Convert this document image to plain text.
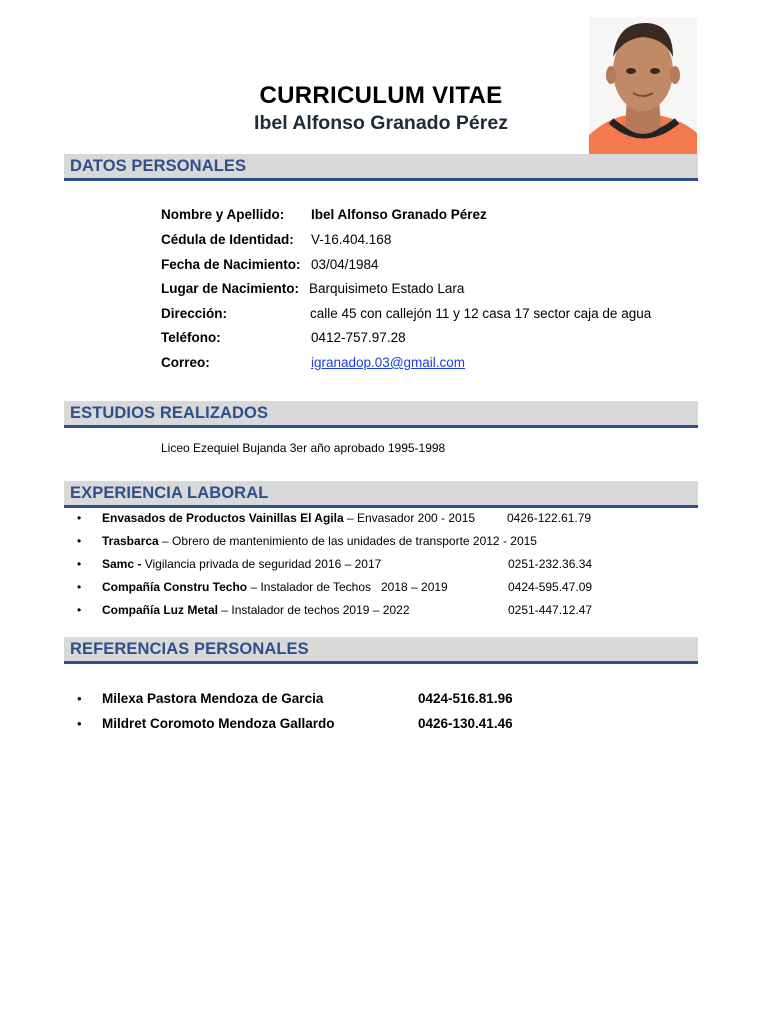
CURRICULUM VITAE
Ibel Alfonso Granado Pérez
DATOS PERSONALES
Nombre y Apellido: Ibel Alfonso Granado Pérez
Cédula de Identidad: V-16.404.168
Fecha de Nacimiento: 03/04/1984
Lugar de Nacimiento: Barquisimeto Estado Lara
Dirección:	calle 45 con callejón 11 y 12 casa 17 sector caja de agua
Teléfono:	0412-757.97.28
Correo:	igranadop.03@gmail.com
ESTUDIOS REALIZADOS
Liceo Ezequiel Bujanda 3er año aprobado 1995-1998
EXPERIENCIA LABORAL
• Envasados de Productos Vainillas El Agila – Envasador 200 - 2015	0426-122.61.79
• Trasbarca – Obrero de mantenimiento de las unidades de transporte 2012 - 2015
• Samc - Vigilancia privada de seguridad 2016 – 2017	0251-232.36.34
• Compañía Constru Techo – Instalador de Techos   2018 – 2019	0424-595.47.09
• Compañía Luz Metal – Instalador de techos 2019 – 2022	0251-447.12.47
REFERENCIAS PERSONALES
• Milexa Pastora Mendoza de Garcia	0424-516.81.96
• Mildret Coromoto Mendoza Gallardo	0426-130.41.46
